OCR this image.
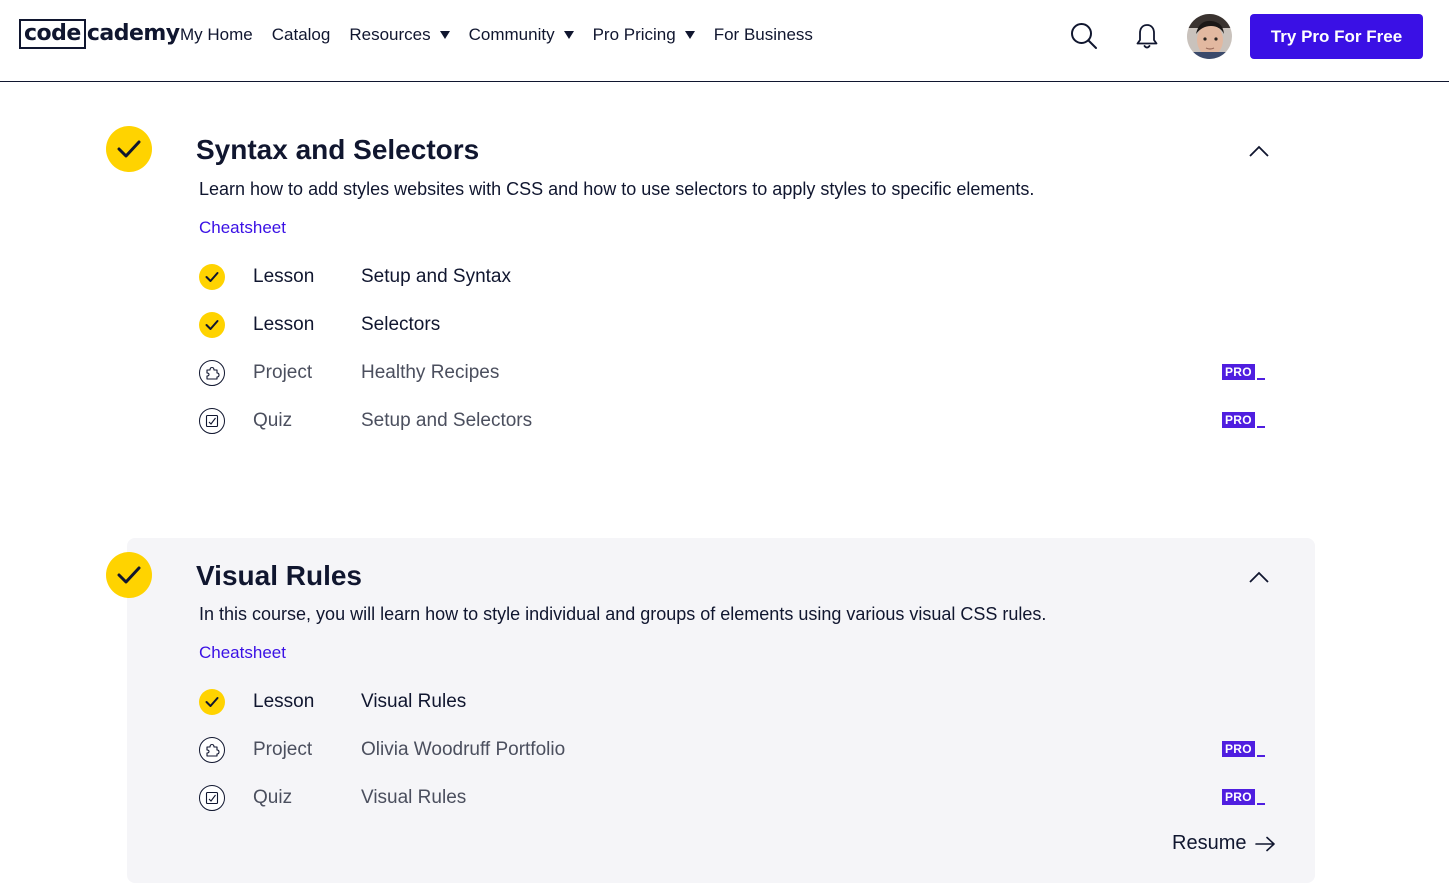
code cademy My Home Catalog Resources Community Pro Pricing For Business	Try Pro For Free
Syntax and Selectors
Learn how to add styles websites with CSS and how to use selectors to apply styles to specific elements.
Cheatsheet
Lesson Setup and Syntax
Lesson Selectors
Project	Healthy Recipes	PRO
Quiz	Setup and Selectors	PRO
Visual Rules
In this course, you will learn how to style individual and groups of elements using various visual CSS rules.
Cheatsheet
Lesson Visual Rules
Project	Olivia Woodruff Portfolio	PRO
Quiz	Visual Rules	PRO
Resume
